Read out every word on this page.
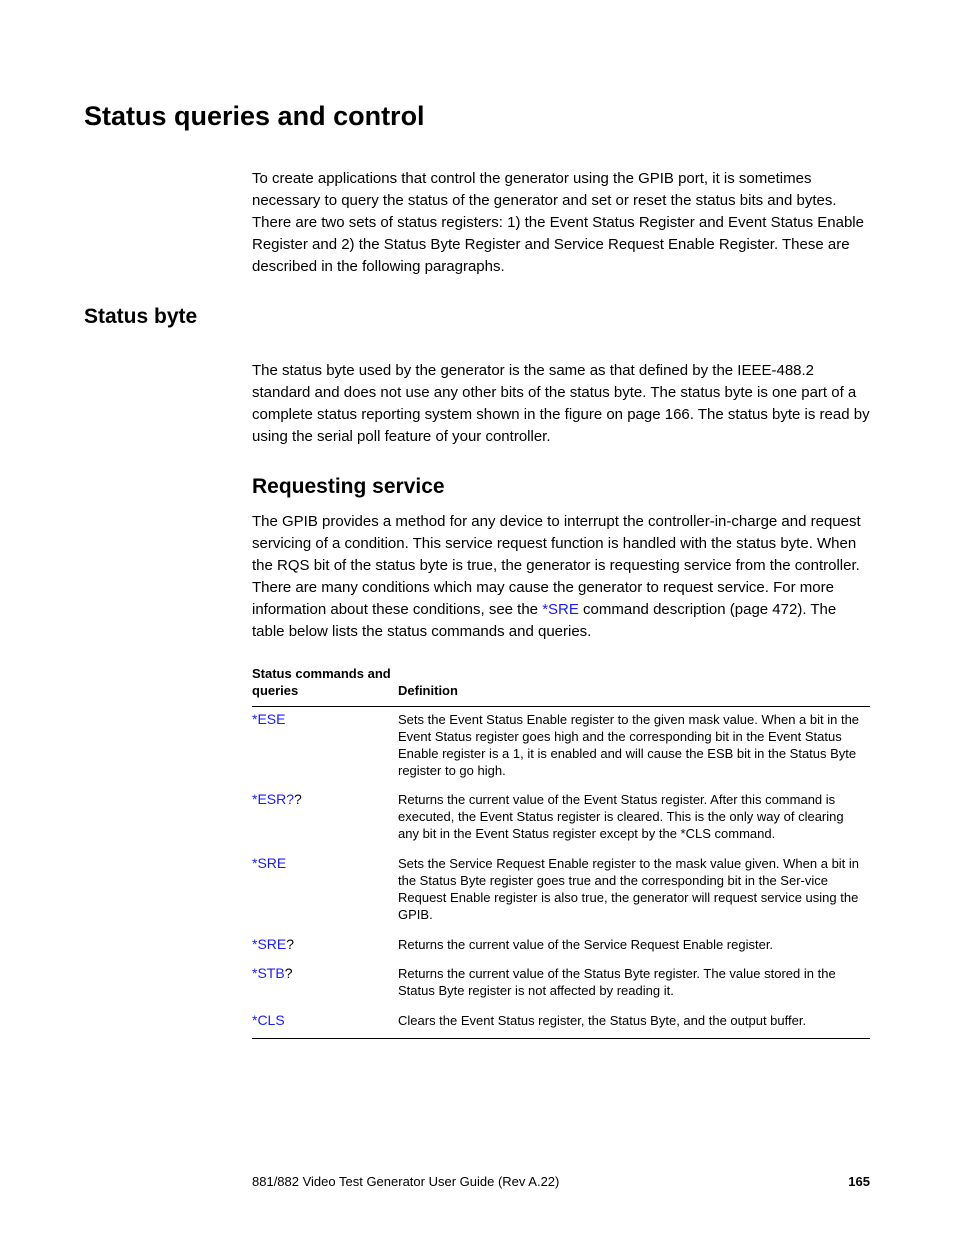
Status queries and control

To create applications that control the generator using the GPIB port, it is sometimes necessary to query the status of the generator and set or reset the status bits and bytes. There are two sets of status registers: 1) the Event Status Register and Event Status Enable Register and 2) the Status Byte Register and Service Request Enable Register. These are described in the following paragraphs.

Status byte

The status byte used by the generator is the same as that defined by the IEEE-488.2 standard and does not use any other bits of the status byte. The status byte is one part of a complete status reporting system shown in the figure on page 166. The status byte is read by using the serial poll feature of your controller.

Requesting service

The GPIB provides a method for any device to interrupt the controller-in-charge and request servicing of a condition. This service request function is handled with the status byte. When the RQS bit of the status byte is true, the generator is requesting service from the controller. There are many conditions which may cause the generator to request service. For more information about these conditions, see the *SRE command description (page 472). The table below lists the status commands and queries.

Status commands and queries	Definition
*ESE	Sets the Event Status Enable register to the given mask value. When a bit in the Event Status register goes high and the corresponding bit in the Event Status Enable register is a 1, it is enabled and will cause the ESB bit in the Status Byte register to go high.
*ESR??	Returns the current value of the Event Status register. After this command is executed, the Event Status register is cleared. This is the only way of clearing any bit in the Event Status register except by the *CLS command.
*SRE	Sets the Service Request Enable register to the mask value given. When a bit in the Status Byte register goes true and the corresponding bit in the Ser-vice Request Enable register is also true, the generator will request service using the GPIB.
*SRE?	Returns the current value of the Service Request Enable register.
*STB?	Returns the current value of the Status Byte register. The value stored in the Status Byte register is not affected by reading it.
*CLS	Clears the Event Status register, the Status Byte, and the output buffer.
881/882 Video Test Generator User Guide (Rev A.22)	165
